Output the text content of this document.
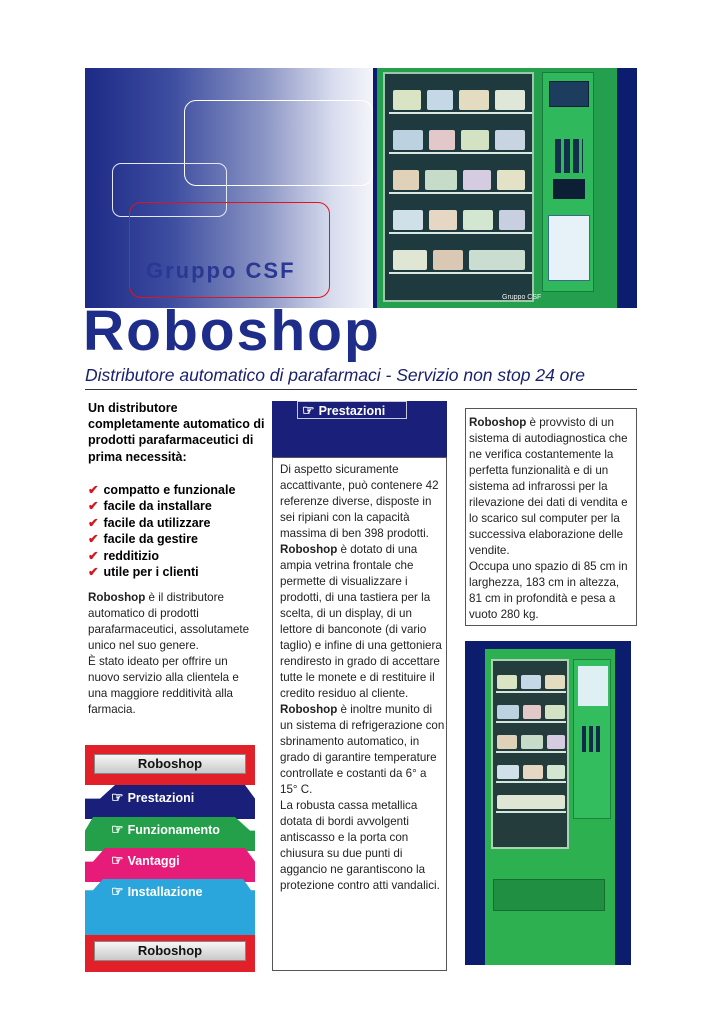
Gruppo CSF
Gruppo CSF
Roboshop
Distributore automatico di parafarmaci - Servizio non stop 24 ore
Un distributore completamente automatico di prodotti parafarmaceutici di prima necessità:
✔ compatto e funzionale
✔ facile da installare
✔ facile da utilizzare
✔ facile da gestire
✔ redditizio
✔ utile per i clienti

Roboshop è il distributore automatico di prodotti parafarmaceutici, assolutamete unico nel suo genere.

È stato ideato per offrire un nuovo servizio alla clientela e una maggiore redditività alla farmacia.

Roboshop
☞ Prestazioni
☞ Funzionamento
☞ Vantaggi
☞ Installazione
Roboshop
☞ Prestazioni

Di aspetto sicuramente accattivante, può contenere 42 referenze diverse, disposte in sei ripiani con la capacità massima di ben 398 prodotti.

Roboshop è dotato di una ampia vetrina frontale che permette di visualizzare i prodotti, di una tastiera per la scelta, di un display, di un lettore di banconote (di vario taglio) e infine di una gettoniera rendiresto in grado di accettare tutte le monete e di restituire il credito residuo al cliente.

Roboshop è inoltre munito di un sistema di refrigerazione con sbrinamento automatico, in grado di garantire temperature controllate e costanti da 6° a 15° C.

La robusta cassa metallica dotata di bordi avvolgenti antiscasso e la porta con chiusura su due punti di aggancio ne garantiscono la protezione contro atti vandalici.

Roboshop è provvisto di un sistema di autodiagnostica che ne verifica costantemente la perfetta funzionalità e di un sistema ad infrarossi per la rilevazione dei dati di vendita e lo scarico sul computer per la successiva elaborazione delle vendite.

Occupa uno spazio di 85 cm in larghezza, 183 cm in altezza, 81 cm in profondità e pesa a vuoto 280 kg.
